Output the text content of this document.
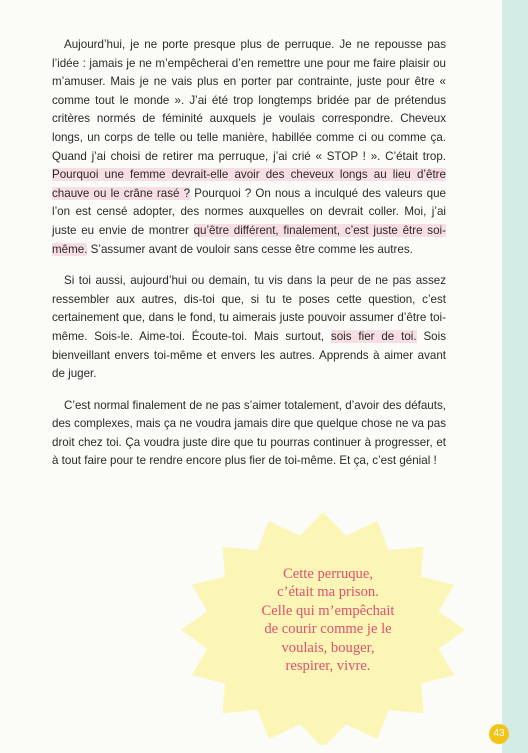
Aujourd’hui, je ne porte presque plus de perruque. Je ne repousse pas l’idée : jamais je ne m’empêcherai d’en remettre une pour me faire plaisir ou m’amuser. Mais je ne vais plus en porter par contrainte, juste pour être « comme tout le monde ». J’ai été trop longtemps bridée par de prétendus critères normés de féminité auxquels je voulais correspondre. Cheveux longs, un corps de telle ou telle manière, habillée comme ci ou comme ça. Quand j’ai choisi de retirer ma perruque, j’ai crié « STOP ! ». C’était trop. Pourquoi une femme devrait-elle avoir des cheveux longs au lieu d’être chauve ou le crâne rasé ? Pourquoi ? On nous a inculqué des valeurs que l’on est censé adopter, des normes auxquelles on devrait coller. Moi, j’ai juste eu envie de montrer qu’être différent, finalement, c’est juste être soi-même. S’assumer avant de vouloir sans cesse être comme les autres.

Si toi aussi, aujourd’hui ou demain, tu vis dans la peur de ne pas assez ressembler aux autres, dis-toi que, si tu te poses cette question, c’est certainement que, dans le fond, tu aimerais juste pouvoir assumer d’être toi-même. Sois-le. Aime-toi. Écoute-toi. Mais surtout, sois fier de toi. Sois bienveillant envers toi-même et envers les autres. Apprends à aimer avant de juger.

C’est normal finalement de ne pas s’aimer totalement, d’avoir des défauts, des complexes, mais ça ne voudra jamais dire que quelque chose ne va pas droit chez toi. Ça voudra juste dire que tu pourras continuer à progresser, et à tout faire pour te rendre encore plus fier de toi-même. Et ça, c’est génial !

Cette perruque,
c’était ma prison.
Celle qui m’empêchait
de courir comme je le
voulais, bouger,
respirer, vivre.
43
